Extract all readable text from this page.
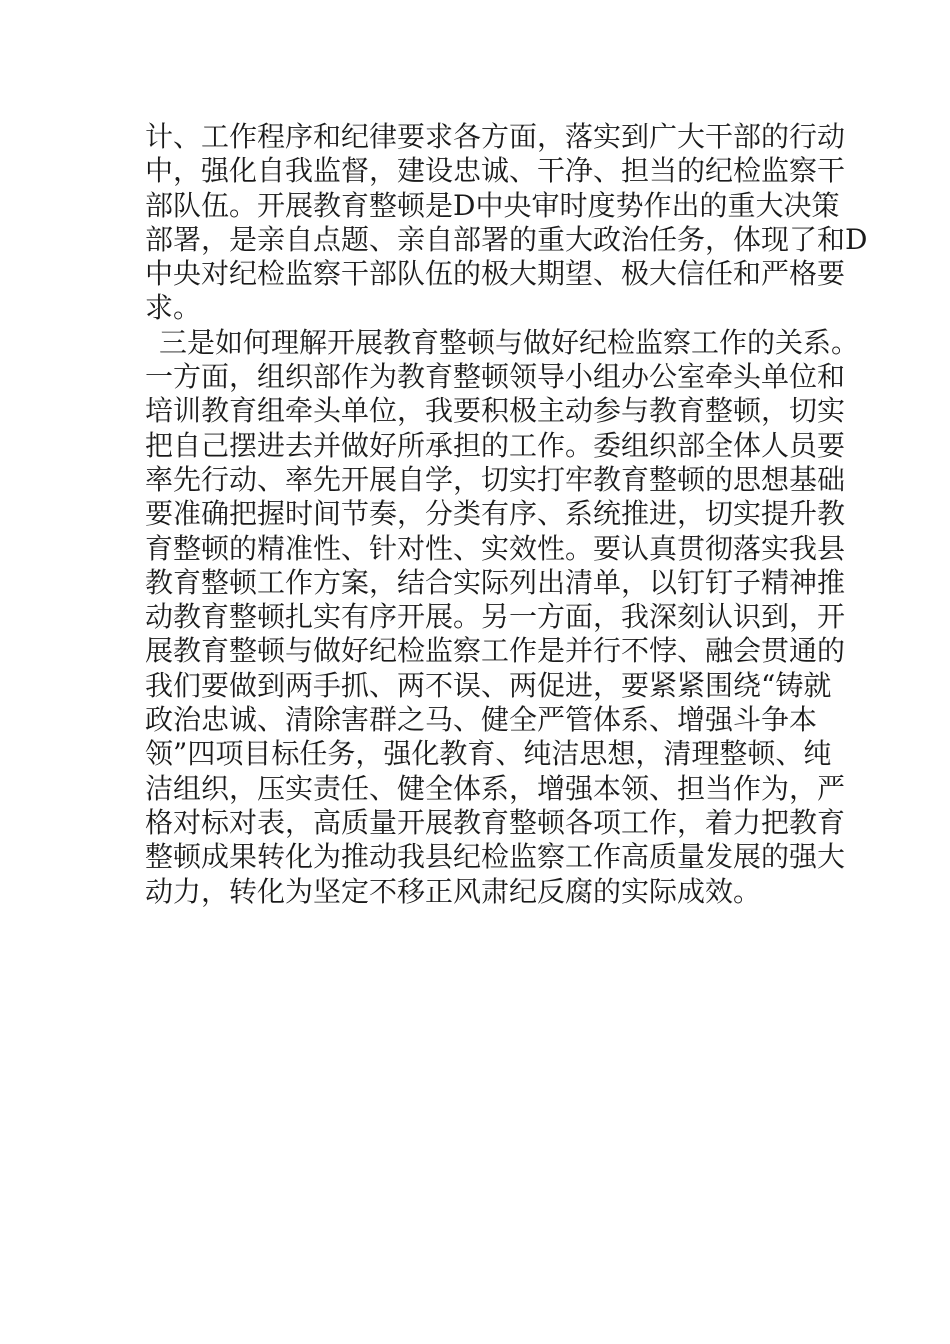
计、工作程序和纪律要求各方面，落实到广大干部的行动
中，强化自我监督，建设忠诚、干净、担当的纪检监察干
部队伍。开展教育整顿是D中央审时度势作出的重大决策
部署，是亲自点题、亲自部署的重大政治任务，体现了和D
中央对纪检监察干部队伍的极大期望、极大信任和严格要
求。
三是如何理解开展教育整顿与做好纪检监察工作的关系。
一方面，组织部作为教育整顿领导小组办公室牵头单位和
培训教育组牵头单位，我要积极主动参与教育整顿，切实
把自己摆进去并做好所承担的工作。委组织部全体人员要
率先行动、率先开展自学，切实打牢教育整顿的思想基础
要准确把握时间节奏，分类有序、系统推进，切实提升教
育整顿的精准性、针对性、实效性。要认真贯彻落实我县
教育整顿工作方案，结合实际列出清单，以钉钉子精神推
动教育整顿扎实有序开展。另一方面，我深刻认识到，开
展教育整顿与做好纪检监察工作是并行不悖、融会贯通的
我们要做到两手抓、两不误、两促进，要紧紧围绕“铸就
政治忠诚、清除害群之马、健全严管体系、增强斗争本
领”四项目标任务，强化教育、纯洁思想，清理整顿、纯
洁组织，压实责任、健全体系，增强本领、担当作为，严
格对标对表，高质量开展教育整顿各项工作，着力把教育
整顿成果转化为推动我县纪检监察工作高质量发展的强大
动力，转化为坚定不移正风肃纪反腐的实际成效。
